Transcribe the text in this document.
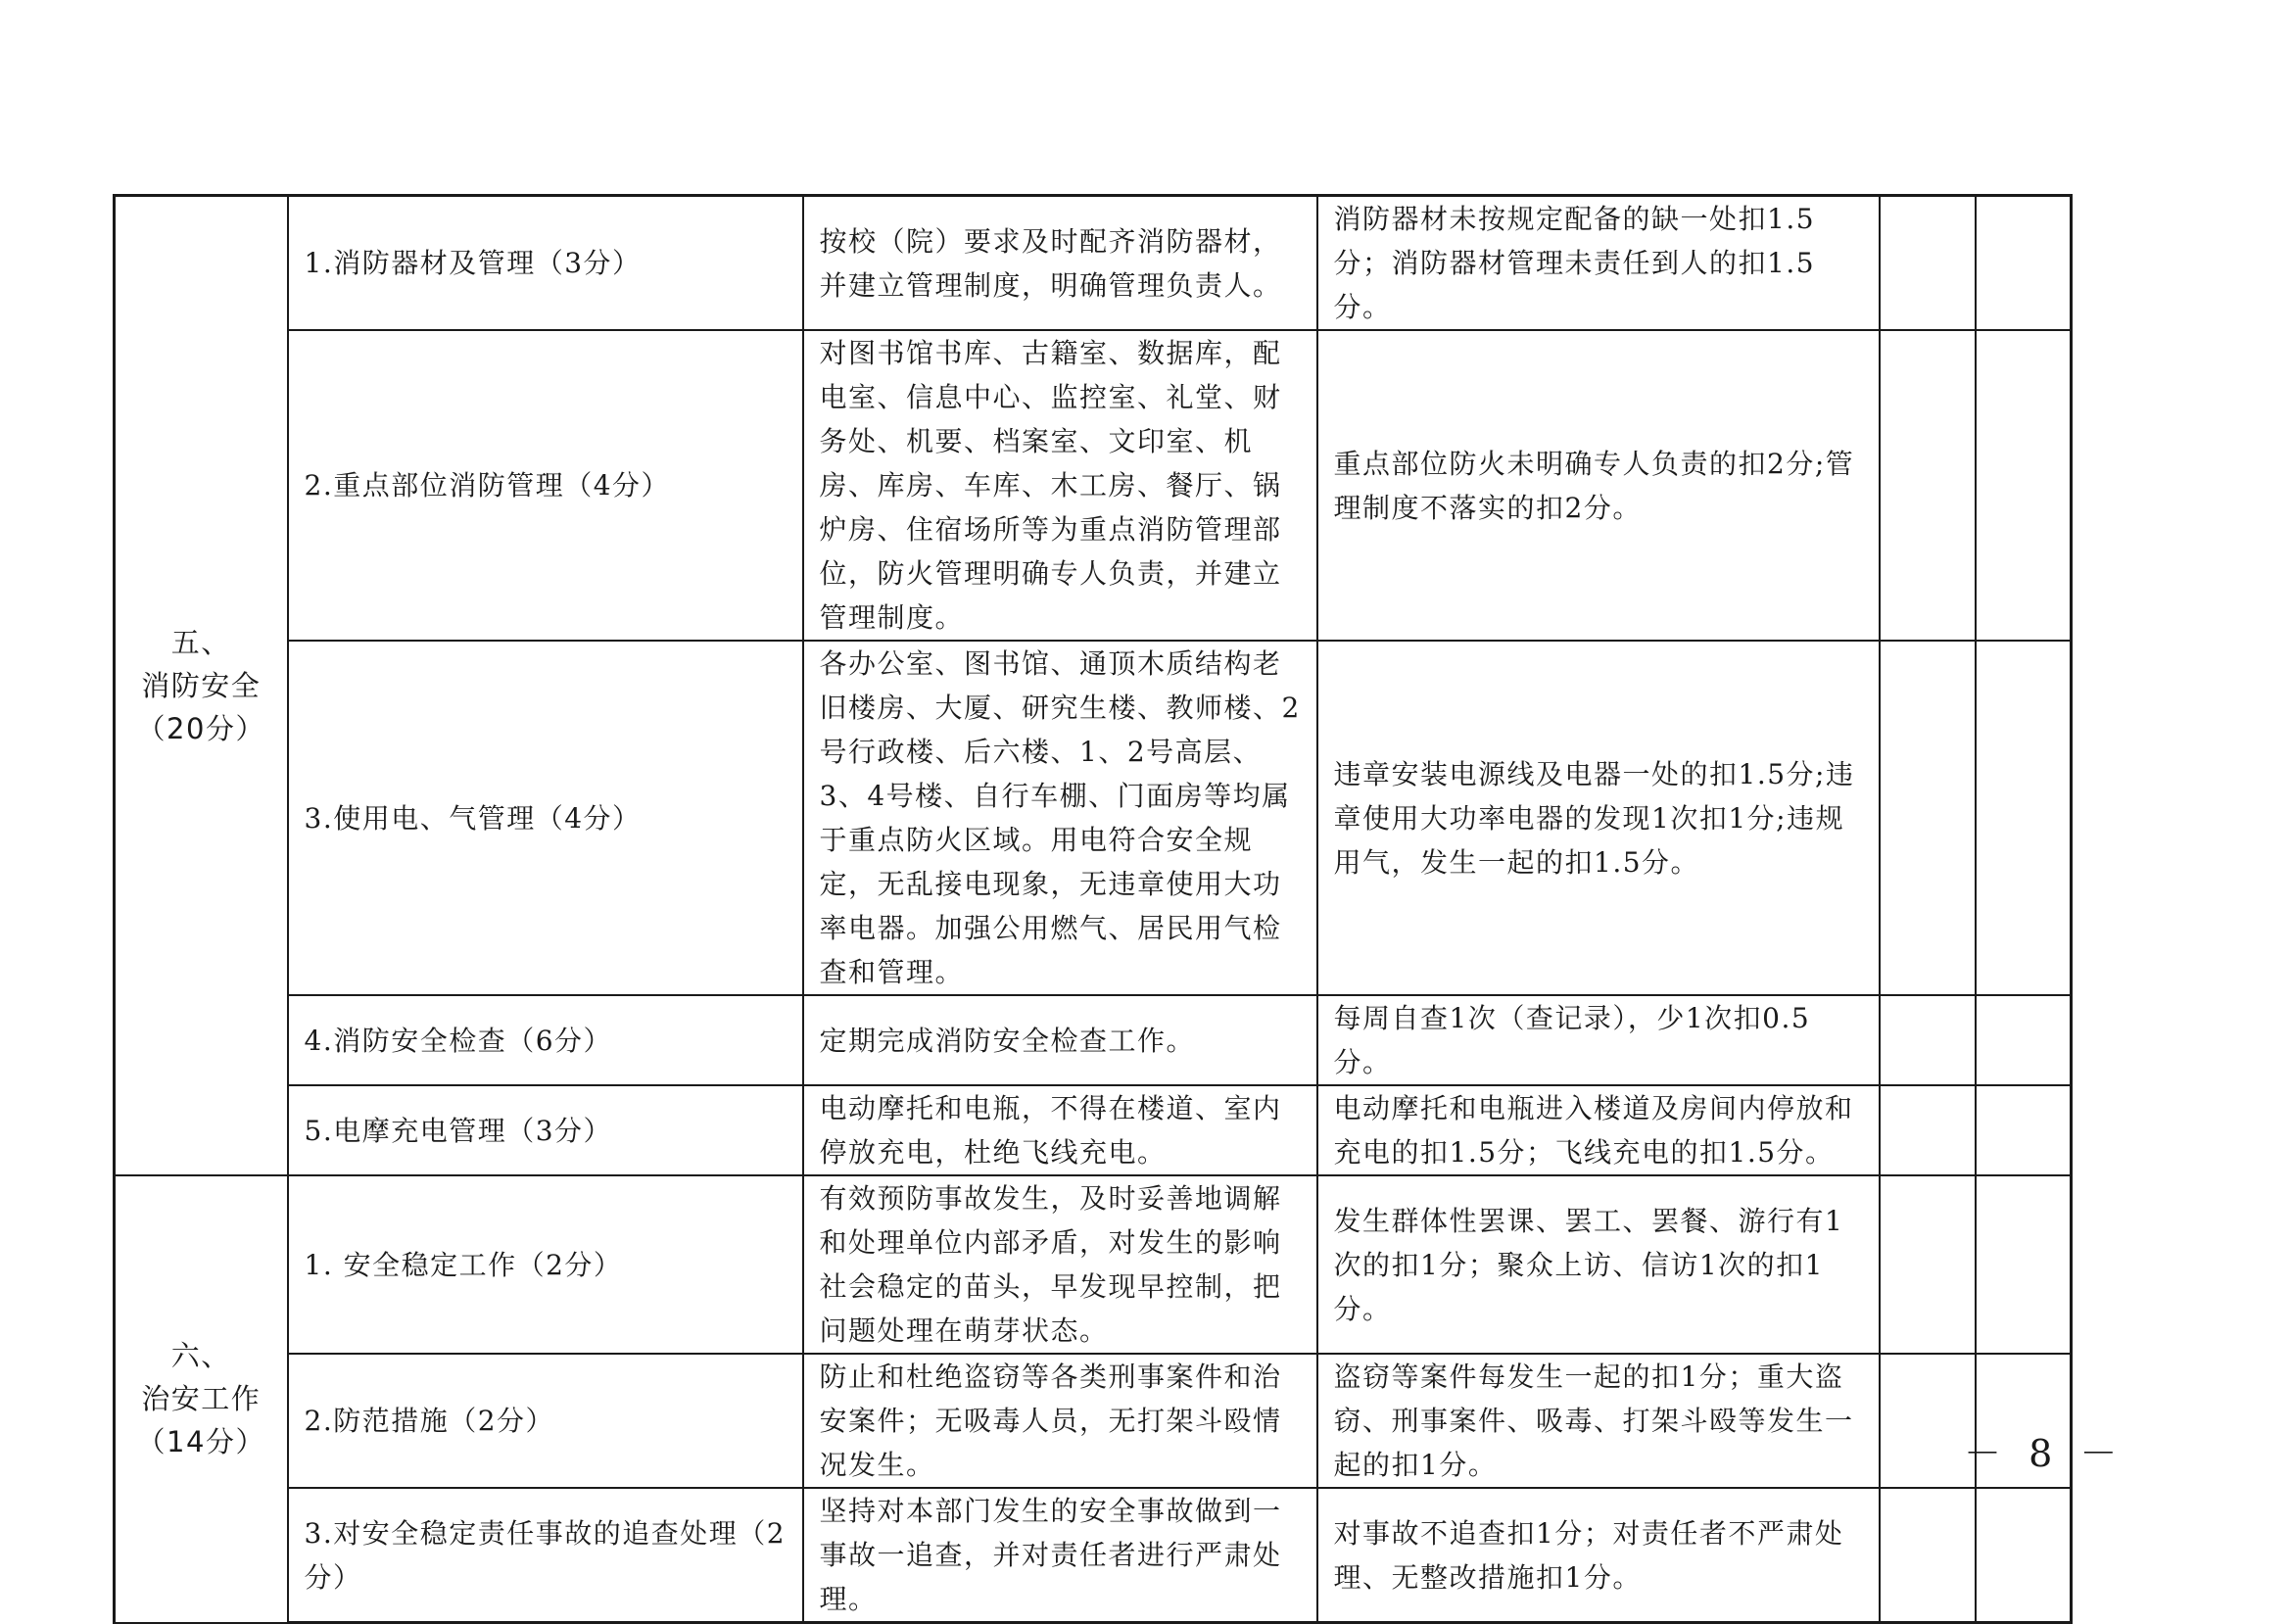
五、
消防安全
（20分）	1.消防器材及管理（3分）	按校（院）要求及时配齐消防器材，并建立管理制度，明确管理负责人。	消防器材未按规定配备的缺一处扣1.5分；消防器材管理未责任到人的扣1.5分。		
	2.重点部位消防管理（4分）	对图书馆书库、古籍室、数据库，配电室、信息中心、监控室、礼堂、财务处、机要、档案室、文印室、机房、库房、车库、木工房、餐厅、锅炉房、住宿场所等为重点消防管理部位，防火管理明确专人负责，并建立管理制度。	重点部位防火未明确专人负责的扣2分;管理制度不落实的扣2分。		
	3.使用电、气管理（4分）	各办公室、图书馆、通顶木质结构老旧楼房、大厦、研究生楼、教师楼、2号行政楼、后六楼、1、2号高层、3、4号楼、自行车棚、门面房等均属于重点防火区域。用电符合安全规定，无乱接电现象，无违章使用大功率电器。加强公用燃气、居民用气检查和管理。	违章安装电源线及电器一处的扣1.5分;违章使用大功率电器的发现1次扣1分;违规用气，发生一起的扣1.5分。		
	4.消防安全检查（6分）	定期完成消防安全检查工作。	每周自查1次（查记录），少1次扣0.5分。		
	5.电摩充电管理（3分）	电动摩托和电瓶，不得在楼道、室内停放充电，杜绝飞线充电。	电动摩托和电瓶进入楼道及房间内停放和充电的扣1.5分；飞线充电的扣1.5分。		

六、
治安工作
（14分）	1. 安全稳定工作（2分）	有效预防事故发生，及时妥善地调解和处理单位内部矛盾，对发生的影响社会稳定的苗头，早发现早控制，把问题处理在萌芽状态。	发生群体性罢课、罢工、罢餐、游行有1次的扣1分；聚众上访、信访1次的扣1分。		
	2.防范措施（2分）	防止和杜绝盗窃等各类刑事案件和治安案件；无吸毒人员，无打架斗殴情况发生。	盗窃等案件每发生一起的扣1分；重大盗窃、刑事案件、吸毒、打架斗殴等发生一起的扣1分。		
	3.对安全稳定责任事故的追查处理（2分）	坚持对本部门发生的安全事故做到一事故一追查，并对责任者进行严肃处理。	对事故不追查扣1分；对责任者不严肃处理、无整改措施扣1分。		
－ 8 －
